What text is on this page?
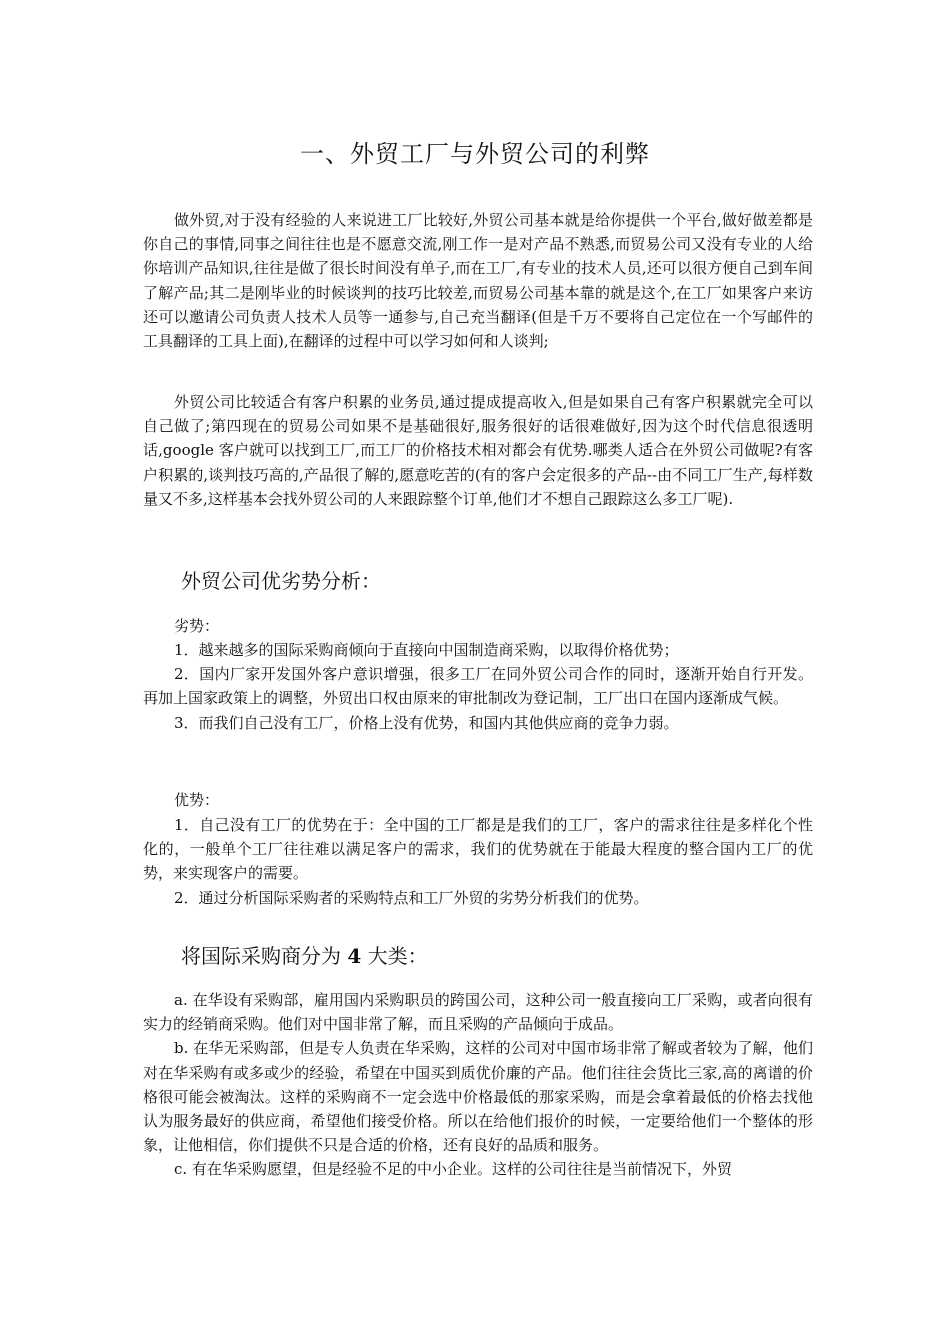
一、外贸工厂与外贸公司的利弊

做外贸,对于没有经验的人来说进工厂比较好,外贸公司基本就是给你提供一个平台,做好做差都是你自己的事情,同事之间往往也是不愿意交流,刚工作一是对产品不熟悉,而贸易公司又没有专业的人给你培训产品知识,往往是做了很长时间没有单子,而在工厂,有专业的技术人员,还可以很方便自己到车间了解产品;其二是刚毕业的时候谈判的技巧比较差,而贸易公司基本靠的就是这个,在工厂如果客户来访还可以邀请公司负责人技术人员等一通参与,自己充当翻译(但是千万不要将自己定位在一个写邮件的工具翻译的工具上面),在翻译的过程中可以学习如何和人谈判;

外贸公司比较适合有客户积累的业务员,通过提成提高收入,但是如果自己有客户积累就完全可以自己做了;第四现在的贸易公司如果不是基础很好,服务很好的话很难做好,因为这个时代信息很透明话,google 客户就可以找到工厂,而工厂的价格技术相对都会有优势.哪类人适合在外贸公司做呢?有客户积累的,谈判技巧高的,产品很了解的,愿意吃苦的(有的客户会定很多的产品--由不同工厂生产,每样数量又不多,这样基本会找外贸公司的人来跟踪整个订单,他们才不想自己跟踪这么多工厂呢).

外贸公司优劣势分析：

劣势：

1．越来越多的国际采购商倾向于直接向中国制造商采购，以取得价格优势；
2．国内厂家开发国外客户意识增强，很多工厂在同外贸公司合作的同时，逐渐开始自行开发。再加上国家政策上的调整，外贸出口权由原来的审批制改为登记制，工厂出口在国内逐渐成气候。
3．而我们自己没有工厂，价格上没有优势，和国内其他供应商的竞争力弱。

优势：

1．自己没有工厂的优势在于：全中国的工厂都是是我们的工厂，客户的需求往往是多样化个性化的，一般单个工厂往往难以满足客户的需求，我们的优势就在于能最大程度的整合国内工厂的优势，来实现客户的需要。
2．通过分析国际采购者的采购特点和工厂外贸的劣势分析我们的优势。
将国际采购商分为 4 大类：
a. 在华设有采购部，雇用国内采购职员的跨国公司，这种公司一般直接向工厂采购，或者向很有实力的经销商采购。他们对中国非常了解，而且采购的产品倾向于成品。
b. 在华无采购部，但是专人负责在华采购，这样的公司对中国市场非常了解或者较为了解，他们对在华采购有或多或少的经验，希望在中国买到质优价廉的产品。他们往往会货比三家,高的离谱的价格很可能会被淘汰。这样的采购商不一定会选中价格最低的那家采购，而是会拿着最低的价格去找他认为服务最好的供应商，希望他们接受价格。所以在给他们报价的时候，一定要给他们一个整体的形象，让他相信，你们提供不只是合适的价格，还有良好的品质和服务。
c. 有在华采购愿望，但是经验不足的中小企业。这样的公司往往是当前情况下，外贸
